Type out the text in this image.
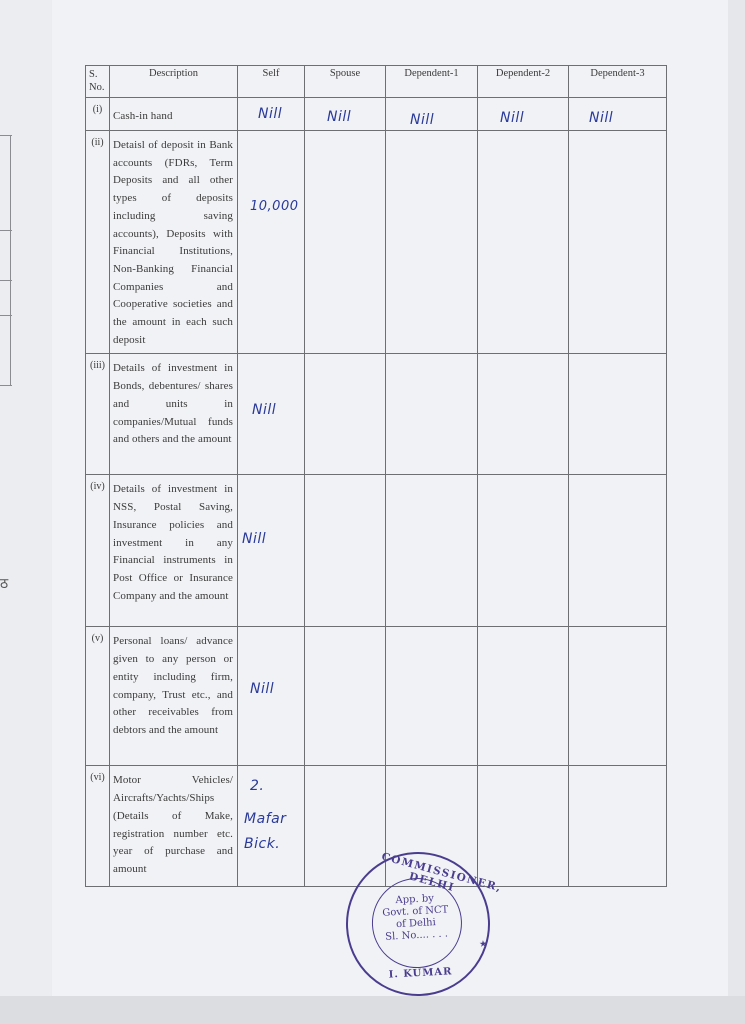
ठ
S. No.	Description	Self	Spouse	Dependent-1	Dependent-2	Dependent-3
(i)	Cash-in hand	Nill	Nill	Nill	Nill	Nill

(ii)	Detaisl of deposit in Bank accounts (FDRs, Term Deposits and all other types of deposits including saving accounts), Deposits with Financial Institutions, Non-Banking Financial Companies and Cooperative societies and the amount in each such deposit	10,000				

(iii)	Details of investment in Bonds, debentures/ shares and units in companies/Mutual funds and others and the amount	Nill				

(iv)	Details of investment in NSS, Postal Saving, Insurance policies and investment in any Financial instruments in Post Office or Insurance Company and the amount	Nill				

(v)	Personal loans/ advance given to any person or entity including firm, company, Trust etc., and other receivables from debtors and the amount	Nill				

(vi)	Motor Vehicles/ Aircrafts/Yachts/Ships (Details of Make, registration number etc. year of purchase and amount	2.
Mafar
Bick.				

COMMISSIONER, DELHI
App. by
Govt. of NCT
of Delhi
Sl. No.... . . .
I. KUMAR
★
